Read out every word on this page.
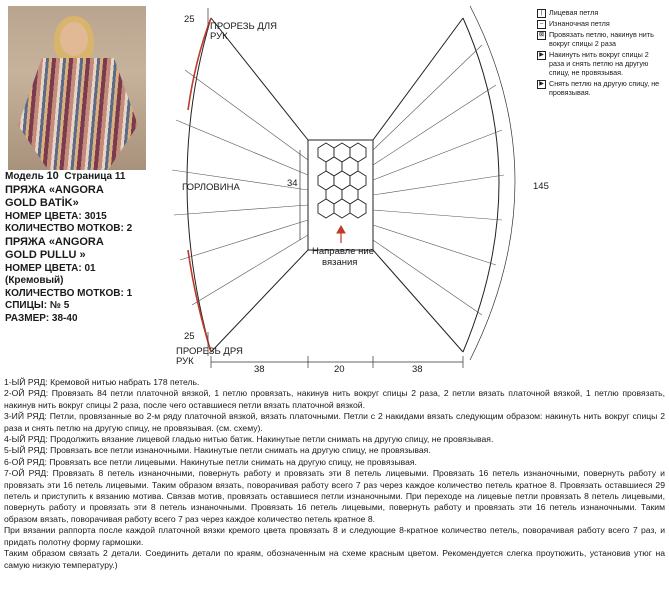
Модель 10 Страница 11
ПРЯЖА «ANGORA
GOLD BATİK»
НОМЕР ЦВЕТА: 3015
КОЛИЧЕСТВО МОТКОВ: 2
ПРЯЖА «ANGORA
GOLD PULLU »
НОМЕР ЦВЕТА: 01
(Кремовый)
КОЛИЧЕСТВО МОТКОВ: 1
СПИЦЫ: № 5
РАЗМЕР: 38-40
25
ПРОРЕЗЬ ДЛЯ
РУК
ГОРЛОВИНА	34	145
Направле ние
вязания
25
ПРОРЕЗЬ ДРЯ
РУК
38	20	38
| Лицевая петля
– Изнаночная петля
⊠ Провязать петлю, накинув нить вокруг спицы 2 раза
▶ Накинуть нить вокруг спицы 2 раза и снять петлю на другую спицу, не провязывая.
▶ Снять петлю на другую спицу, не провязывая.

1-ЫЙ РЯД: Кремовой нитью набрать 178 петель.

2-ОЙ РЯД: Провязать 84 петли платочной вязкой, 1 петлю провязать, накинув нить вокруг спицы 2 раза, 2 петли вязать платочной вязкой, 1 петлю провязать, накинув нить вокруг спицы 2 раза, после чего оставшиеся петли вязать платочной вязкой.

3-ИЙ РЯД: Петли, провязанные во 2-м ряду платочной вязкой, вязать платочными. Петли с 2 накидами вязать следующим образом: накинуть нить вокруг спицы 2 раза и снять петлю на другую спицу, не провязывая. (см. схему).

4-ЫЙ РЯД: Продолжить вязание лицевой гладью нитью батик. Накинутые петли снимать на другую спицу, не провязывая.

5-ЫЙ РЯД: Провязать все петли изнаночными. Накинутые петли снимать на другую спицу, не провязывая.

6-ОЙ РЯД: Провязать все петли лицевыми. Накинутые петли снимать на другую спицу, не провязывая.

7-ОЙ РЯД: Провязать 8 петель изнаночными, повернуть работу и провязать эти 8 петель лицевыми. Провязать 16 петель изнаночными, повернуть работу и провязать эти 16 петель лицевыми. Таким образом вязать, поворачивая работу всего 7 раз через каждое количество петель кратное 8. Провязать оставшиеся 29 петель и приступить к вязанию мотива. Связав мотив, провязать оставшиеся петли изнаночными. При переходе на лицевые петли провязать 8 петель лицевыми, повернуть работу и провязать эти 8 петель изнаночными. Провязать 16 петель лицевыми, повернуть работу и провязать эти 16 петель изнаночными. Таким образом вязать, поворачивая работу всего 7 раз через каждое количество петель кратное 8.

При вязании раппорта после каждой платочной вязки кремого цвета провязать 8 и следующие 8-кратное количество петель, поворачивая работу всего 7 раз, и придать полотну форму гармошки.

Таким образом связать 2 детали. Соединить детали по краям, обозначенным на схеме красным цветом. Рекомендуется слегка проутюжить, установив утюг на самую низкую температуру.)
